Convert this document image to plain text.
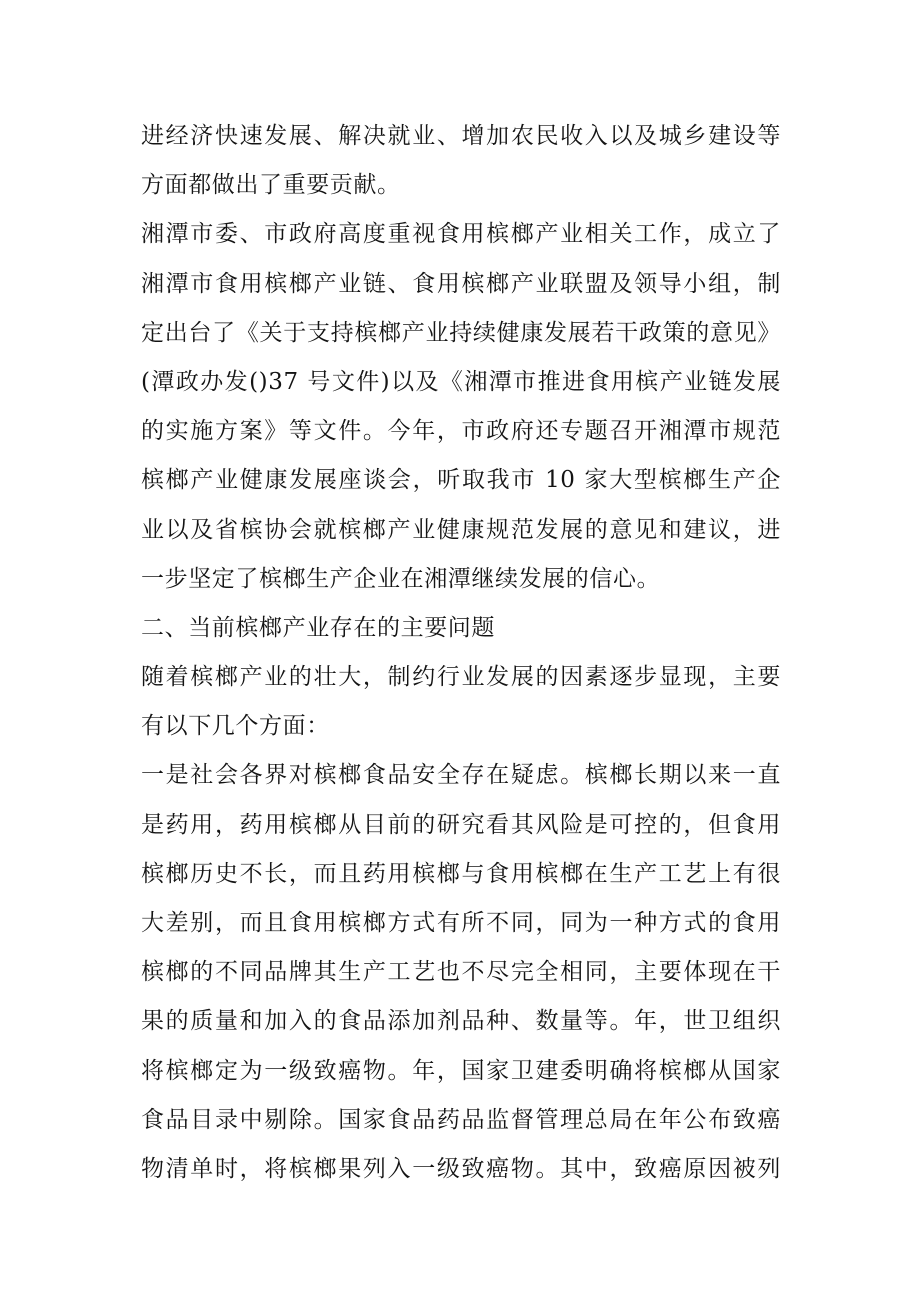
进经济快速发展、解决就业、增加农民收入以及城乡建设等
方面都做出了重要贡献。
湘潭市委、市政府高度重视食用槟榔产业相关工作，成立了
湘潭市食用槟榔产业链、食用槟榔产业联盟及领导小组，制
定出台了《关于支持槟榔产业持续健康发展若干政策的意见》
(潭政办发()37 号文件)以及《湘潭市推进食用槟产业链发展
的实施方案》等文件。今年，市政府还专题召开湘潭市规范
槟榔产业健康发展座谈会，听取我市 10 家大型槟榔生产企
业以及省槟协会就槟榔产业健康规范发展的意见和建议，进
一步坚定了槟榔生产企业在湘潭继续发展的信心。
二、当前槟榔产业存在的主要问题
随着槟榔产业的壮大，制约行业发展的因素逐步显现，主要
有以下几个方面：
一是社会各界对槟榔食品安全存在疑虑。槟榔长期以来一直
是药用，药用槟榔从目前的研究看其风险是可控的，但食用
槟榔历史不长，而且药用槟榔与食用槟榔在生产工艺上有很
大差别，而且食用槟榔方式有所不同，同为一种方式的食用
槟榔的不同品牌其生产工艺也不尽完全相同，主要体现在干
果的质量和加入的食品添加剂品种、数量等。年，世卫组织
将槟榔定为一级致癌物。年，国家卫建委明确将槟榔从国家
食品目录中剔除。国家食品药品监督管理总局在年公布致癌
物清单时，将槟榔果列入一级致癌物。其中，致癌原因被列
